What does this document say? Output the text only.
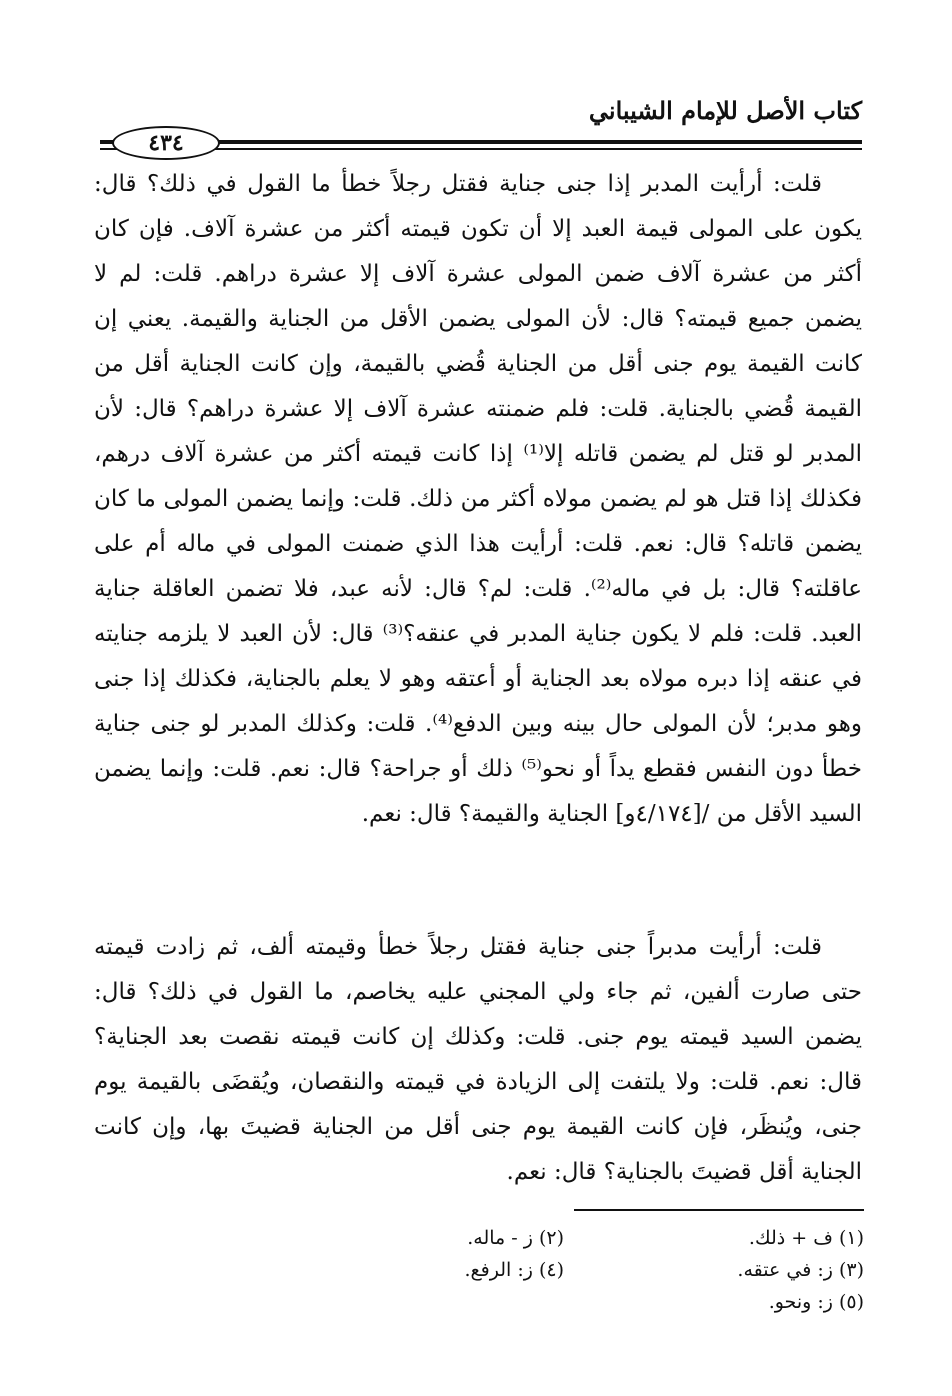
كتاب الأصل للإمام الشيباني
٤٣٤

قلت: أرأيت المدبر إذا جنى جناية فقتل رجلاً خطأ ما القول في ذلك؟ قال: يكون على المولى قيمة العبد إلا أن تكون قيمته أكثر من عشرة آلاف. فإن كان أكثر من عشرة آلاف ضمن المولى عشرة آلاف إلا عشرة دراهم. قلت: لم لا يضمن جميع قيمته؟ قال: لأن المولى يضمن الأقل من الجناية والقيمة. يعني إن كانت القيمة يوم جنى أقل من الجناية قُضي بالقيمة، وإن كانت الجناية أقل من القيمة قُضي بالجناية. قلت: فلم ضمنته عشرة آلاف إلا عشرة دراهم؟ قال: لأن المدبر لو قتل لم يضمن قاتله إلا⁽¹⁾ إذا كانت قيمته أكثر من عشرة آلاف درهم، فكذلك إذا قتل هو لم يضمن مولاه أكثر من ذلك. قلت: وإنما يضمن المولى ما كان يضمن قاتله؟ قال: نعم. قلت: أرأيت هذا الذي ضمنت المولى في ماله أم على عاقلته؟ قال: بل في ماله⁽²⁾. قلت: لم؟ قال: لأنه عبد، فلا تضمن العاقلة جناية العبد. قلت: فلم لا يكون جناية المدبر في عنقه؟⁽³⁾ قال: لأن العبد لا يلزمه جنايته في عنقه إذا دبره مولاه بعد الجناية أو أعتقه وهو لا يعلم بالجناية، فكذلك إذا جنى وهو مدبر؛ لأن المولى حال بينه وبين الدفع⁽⁴⁾. قلت: وكذلك المدبر لو جنى جناية خطأ دون النفس فقطع يداً أو نحو⁽⁵⁾ ذلك أو جراحة؟ قال: نعم. قلت: وإنما يضمن السيد الأقل من /[٤/١٧٤و] الجناية والقيمة؟ قال: نعم.

قلت: أرأيت مدبراً جنى جناية فقتل رجلاً خطأ وقيمته ألف، ثم زادت قيمته حتى صارت ألفين، ثم جاء ولي المجني عليه يخاصم، ما القول في ذلك؟ قال: يضمن السيد قيمته يوم جنى. قلت: وكذلك إن كانت قيمته نقصت بعد الجناية؟ قال: نعم. قلت: ولا يلتفت إلى الزيادة في قيمته والنقصان، ويُقضَى بالقيمة يوم جنى، ويُنظَر، فإن كانت القيمة يوم جنى أقل من الجناية قضيتَ بها، وإن كانت الجناية أقل قضيتَ بالجناية؟ قال: نعم.

(١) ف + ذلك.
(٢) ز - ماله.
(٣) ز: في عتقه.
(٤) ز: الرفع.
(٥) ز: ونحو.
